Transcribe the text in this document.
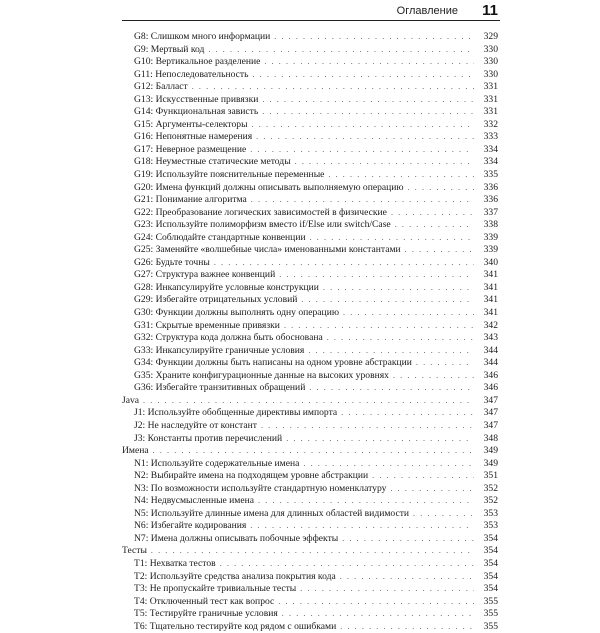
Оглавление 11
G8: Слишком много информации . . .	329
G9: Мертвый код . . .	330
G10: Вертикальное разделение . . .	330
G11: Непоследовательность . . .	330
G12: Балласт . . .	331
G13: Искусственные привязки . . .	331
G14: Функциональная зависть . . .	331
G15: Аргументы-селекторы . . .	332
G16: Непонятные намерения . . .	333
G17: Неверное размещение . . .	334
G18: Неуместные статические методы . . .	334
G19: Используйте пояснительные переменные . . .	335
G20: Имена функций должны описывать выполняемую операцию . . .	336
G21: Понимание алгоритма . . .	336
G22: Преобразование логических зависимостей в физические . . .	337
G23: Используйте полиморфизм вместо if/Else или switch/Case . . .	338
G24: Соблюдайте стандартные конвенции . . .	339
G25: Заменяйте «волшебные числа» именованными константами . . .	339
G26: Будьте точны . . .	340
G27: Структура важнее конвенций . . .	341
G28: Инкапсулируйте условные конструкции . . .	341
G29: Избегайте отрицательных условий . . .	341
G30: Функции должны выполнять одну операцию . . .	341
G31: Скрытые временные привязки . . .	342
G32: Структура кода должна быть обоснована . . .	343
G33: Инкапсулируйте граничные условия . . .	344
G34: Функции должны быть написаны на одном уровне абстракции . . .	344
G35: Храните конфигурационные данные на высоких уровнях . . .	346
G36: Избегайте транзитивных обращений . . .	346
Java . . .	347
J1: Используйте обобщенные директивы импорта . . .	347
J2: Не наследуйте от констант . . .	347
J3: Константы против перечислений . . .	348
Имена . . .	349
N1: Используйте содержательные имена . . .	349
N2: Выбирайте имена на подходящем уровне абстракции . . .	351
N3: По возможности используйте стандартную номенклатуру . . .	352
N4: Недвусмысленные имена . . .	352
N5: Используйте длинные имена для длинных областей видимости . . .	353
N6: Избегайте кодирования . . .	353
N7: Имена должны описывать побочные эффекты . . .	354
Тесты . . .	354
T1: Нехватка тестов . . .	354
T2: Используйте средства анализа покрытия кода . . .	354
T3: Не пропускайте тривиальные тесты . . .	354
T4: Отключенный тест как вопрос . . .	355
T5: Тестируйте граничные условия . . .	355
T6: Тщательно тестируйте код рядом с ошибками . . .	355
